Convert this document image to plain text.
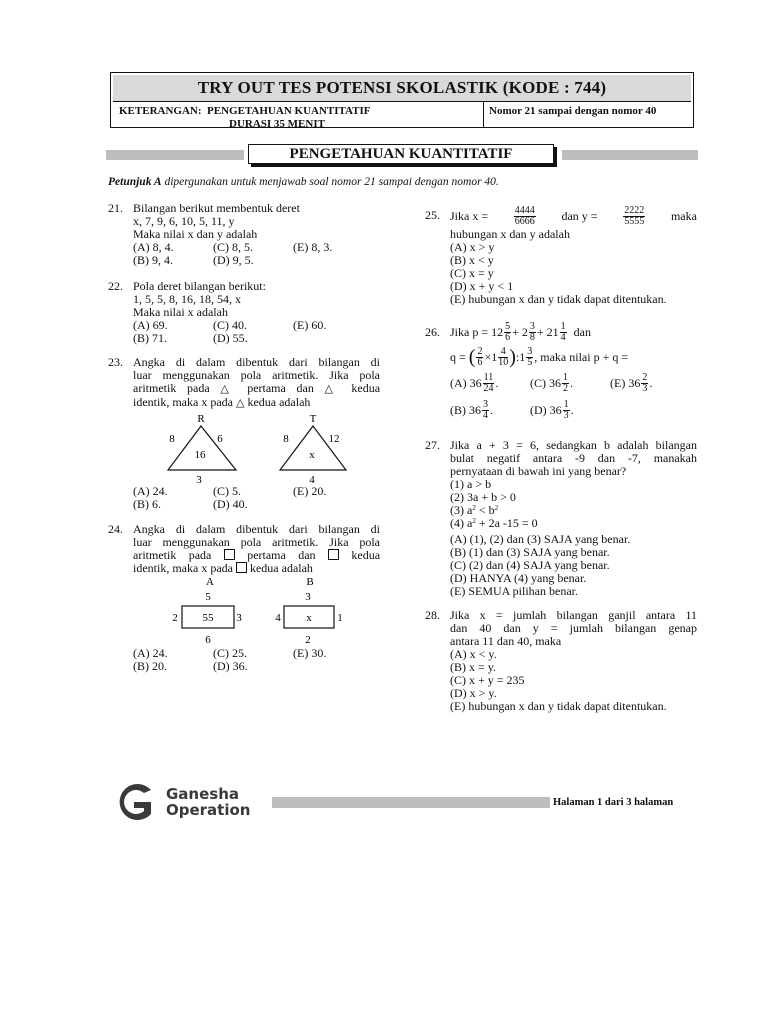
TRY OUT TES POTENSI SKOLASTIK (KODE : 744)
KETERANGAN: PENGETAHUAN KUANTITATIF
DURASI 35 MENIT
Nomor 21 sampai dengan nomor 40
PENGETAHUAN KUANTITATIF
Petunjuk A dipergunakan untuk menjawab soal nomor 21 sampai dengan nomor 40.
21. Bilangan berikut membentuk deret
x, 7, 9, 6, 10, 5, 11, y
Maka nilai x dan y adalah
(A) 8, 4.	(C) 8, 5.	(E) 8, 3.
(B) 9, 4.	(D) 9, 5.
22. Pola deret bilangan berikut:
1, 5, 5, 8, 16, 18, 54, x
Maka nilai x adalah
(A) 69.	(C) 40.	(E) 60.
(B) 71.	(D) 55.
23. Angka di dalam dibentuk dari bilangan di
luar menggunakan pola aritmetik. Jika pola
aritmetik pada △ pertama dan △ kedua
identik, maka x pada △ kedua adalah
R
8	6
16
3
T
8	12
x
4
(A) 24.	(C) 5.	(E) 20.
(B) 6.	(D) 40.
24. Angka di dalam dibentuk dari bilangan di
luar menggunakan pola aritmetik. Jika pola
aritmetik pada	pertama dan	kedua
identik, maka x pada kedua adalah
A
5
2	3
55
6
B
3
4	1
x
2
(A) 24.	(C) 25.	(E) 30.
(B) 20.	(D) 36.
25. Jika x =	$\frac{4444}{6666}$ dan y =	$\frac{2222}{5555}$ maka
hubungan x dan y adalah
(A) x > y
(B) x < y
(C) x = y
(D) x + y < 1
(E) hubungan x dan y tidak dapat ditentukan.
26. Jika $p = 12 \frac{5}{6} + 2 \frac{3}{8} + 21 \frac{1}{4}$ dan
q =
( $\frac{2}{6} \times 1 \frac{4}{10}$ ) :1 $\frac{3}{5}$ , maka nilai p + q =
(A) $36 \frac{11}{24}$ .	(C) $36 \frac{1}{2}$ .	(E) $36 \frac{2}{3}$ .
(B) $36 \frac{3}{4}$ .	(D) $36 \frac{1}{3}$ .
27. Jika a + 3 = 6, sedangkan b adalah bilangan
bulat negatif antara -9 dan -7, manakah
pernyataan di bawah ini yang benar?
(1) a > b
(2) 3a + b > 0
(3) $a^2 < b^2$
(4) $a^2 + 2a$ -15 = 0
(A) (1), (2) dan (3) SAJA yang benar.
(B) (1) dan (3) SAJA yang benar.
(C) (2) dan (4) SAJA yang benar.
(D) HANYA (4) yang benar.
(E) SEMUA pilihan benar.
28. Jika x = jumlah bilangan ganjil antara 11
dan 40 dan y = jumlah bilangan genap
antara 11 dan 40, maka
(A) x < y.
(B) x = y.
(C) x + y = 235
(D) x > y.
(E) hubungan x dan y tidak dapat ditentukan.
Ganesha
Operation	Halaman 1 dari 3 halaman
